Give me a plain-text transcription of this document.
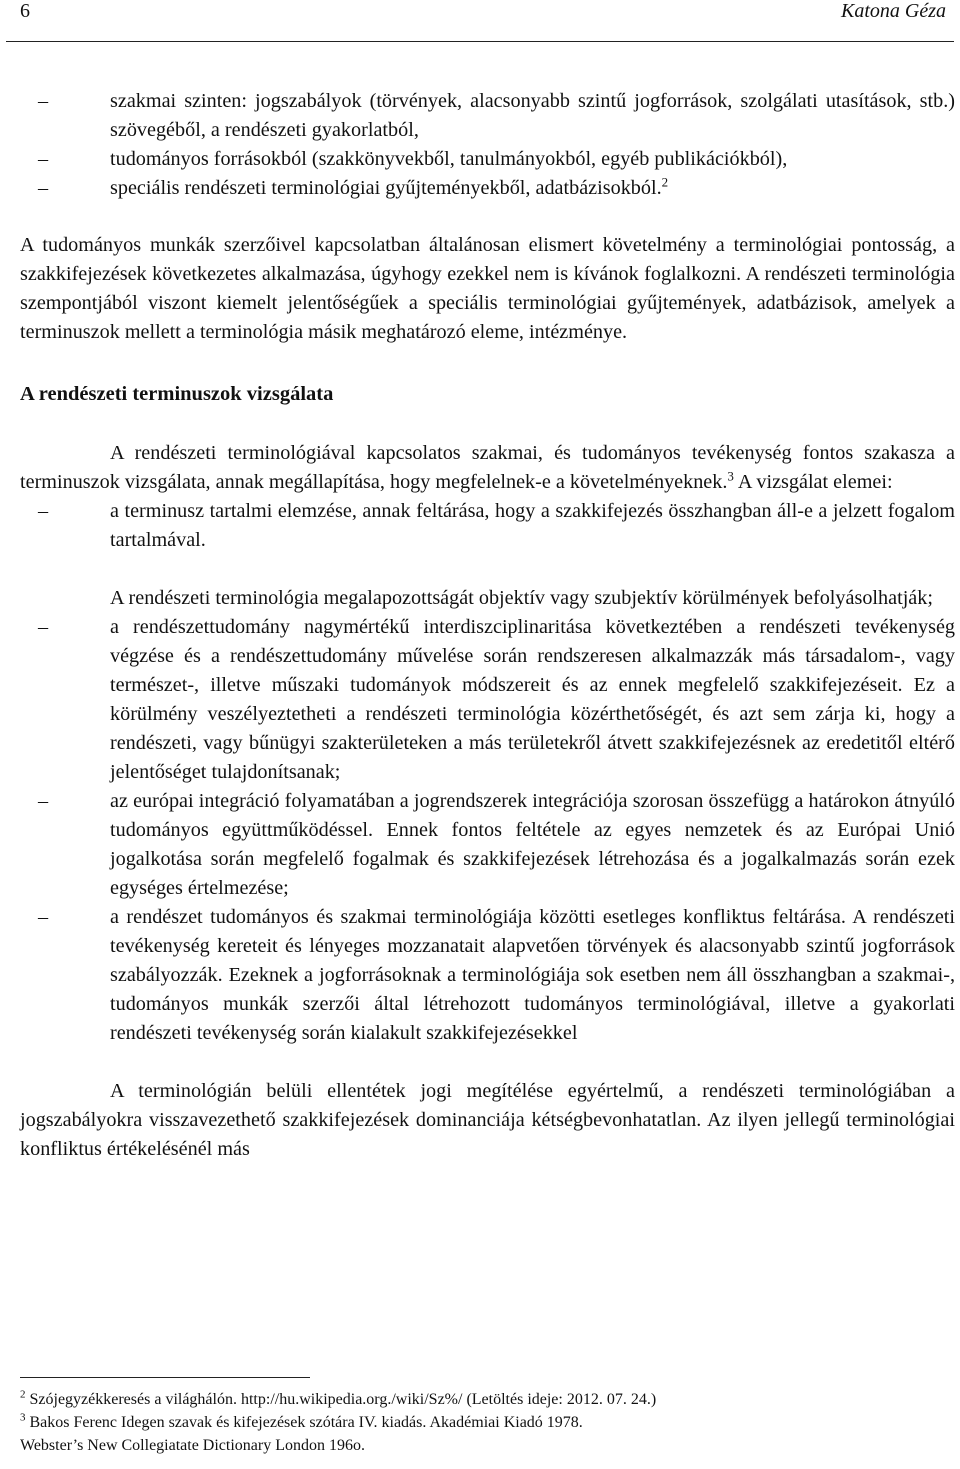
6	Katona Géza
– szakmai szinten: jogszabályok (törvények, alacsonyabb szintű jogforrások, szolgálati utasítások, stb.) szövegéből, a rendészeti gyakorlatból,
– tudományos forrásokból (szakkönyvekből, tanulmányokból, egyéb publikációkból),
– speciális rendészeti terminológiai gyűjteményekből, adatbázisokból.$^2$

A tudományos munkák szerzőivel kapcsolatban általánosan elismert követelmény a terminológiai pontosság, a szakkifejezések következetes alkalmazása, úgyhogy ezekkel nem is kívánok foglalkozni. A rendészeti terminológia szempontjából viszont kiemelt jelentőségűek a speciális terminológiai gyűjtemények, adatbázisok, amelyek a terminuszok mellett a terminológia másik meghatározó eleme, intézménye.

A rendészeti terminuszok vizsgálata

A rendészeti terminológiával kapcsolatos szakmai, és tudományos tevékenység fontos szakasza a terminuszok vizsgálata, annak megállapítása, hogy megfelelnek-e a követelményeknek.$^3$ A vizsgálat elemei:

– a terminusz tartalmi elemzése, annak feltárása, hogy a szakkifejezés összhangban áll-e a jelzett fogalom tartalmával.

A rendészeti terminológia megalapozottságát objektív vagy szubjektív körülmények befolyásolhatják;

– a rendészettudomány nagymértékű interdiszciplinaritása következtében a rendészeti tevékenység végzése és a rendészettudomány művelése során rendszeresen alkalmazzák más társadalom-, vagy természet-, illetve műszaki tudományok módszereit és az ennek megfelelő szakkifejezéseit. Ez a körülmény veszélyeztetheti a rendészeti terminológia közérthetőségét, és azt sem zárja ki, hogy a rendészeti, vagy bűnügyi szakterületeken a más területekről átvett szakkifejezésnek az eredetitől eltérő jelentőséget tulajdonítsanak;
– az európai integráció folyamatában a jogrendszerek integrációja szorosan összefügg a határokon átnyúló tudományos együttműködéssel. Ennek fontos feltétele az egyes nemzetek és az Európai Unió jogalkotása során megfelelő fogalmak és szakkifejezések létrehozása és a jogalkalmazás során ezek egységes értelmezése;
– a rendészet tudományos és szakmai terminológiája közötti esetleges konfliktus feltárása. A rendészeti tevékenység kereteit és lényeges mozzanatait alapvetően törvények és alacsonyabb szintű jogforrások szabályozzák. Ezeknek a jogforrásoknak a terminológiája sok esetben nem áll összhangban a szakmai-, tudományos munkák szerzői által létrehozott tudományos terminológiával, illetve a gyakorlati rendészeti tevékenység során kialakult szakkifejezésekkel

A terminológián belüli ellentétek jogi megítélése egyértelmű, a rendészeti terminológiában a jogszabályokra visszavezethető szakkifejezések dominanciája kétségbevonhatatlan. Az ilyen jellegű terminológiai konfliktus értékelésénél más

$^2$ Szójegyzékkeresés a világhálón. http://hu.wikipedia.org./wiki/Sz%/ (Letöltés ideje: 2012. 07. 24.)
$^3$ Bakos Ferenc Idegen szavak és kifejezések szótára IV. kiadás. Akadémiai Kiadó 1978.
Webster’s New Collegiatate Dictionary London 196o.
